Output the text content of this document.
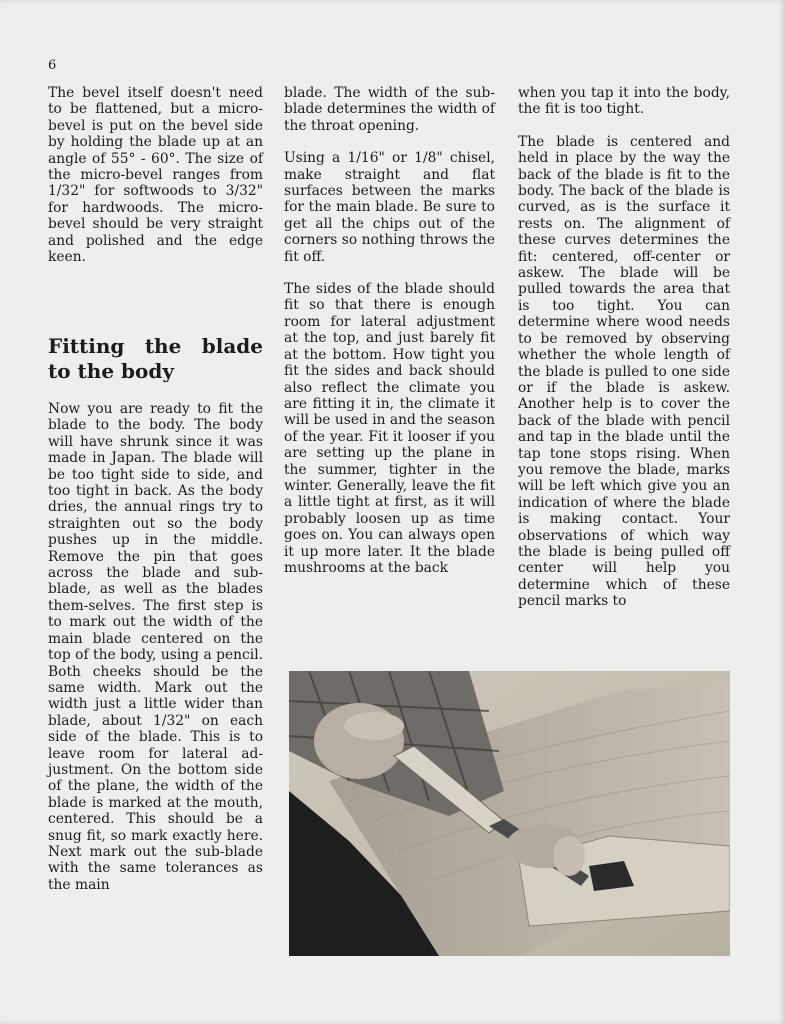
6

The bevel itself doesn't need to be flattened, but a micro-bevel is put on the bevel side by holding the blade up at an angle of 55° - 60°. The size of the micro-bevel ranges from 1/32" for softwoods to 3/32" for hardwoods. The micro-bevel should be very straight and polished and the edge keen.

Fitting the blade
to the body

Now you are ready to fit the blade to the body. The body will have shrunk since it was made in Japan. The blade will be too tight side to side, and too tight in back. As the body dries, the annual rings try to straighten out so the body pushes up in the middle. Remove the pin that goes across the blade and sub-blade, as well as the blades them-selves. The first step is to mark out the width of the main blade centered on the top of the body, using a pencil. Both cheeks should be the same width. Mark out the width just a little wider than blade, about 1/32" on each side of the blade. This is to leave room for lateral ad-justment. On the bottom side of the plane, the width of the blade is marked at the mouth, centered. This should be a snug fit, so mark exactly here. Next mark out the sub-blade with the same tolerances as the main

blade. The width of the sub-blade determines the width of the throat opening.

Using a 1/16" or 1/8" chisel, make straight and flat surfaces between the marks for the main blade. Be sure to get all the chips out of the corners so nothing throws the fit off.

The sides of the blade should fit so that there is enough room for lateral adjustment at the top, and just barely fit at the bottom. How tight you fit the sides and back should also reflect the climate you are fitting it in, the climate it will be used in and the season of the year. Fit it looser if you are setting up the plane in the summer, tighter in the winter. Generally, leave the fit a little tight at first, as it will probably loosen up as time goes on. You can always open it up more later. It the blade mushrooms at the back

when you tap it into the body, the fit is too tight.

The blade is centered and held in place by the way the back of the blade is fit to the body. The back of the blade is curved, as is the surface it rests on. The alignment of these curves determines the fit: centered, off-center or askew. The blade will be pulled towards the area that is too tight. You can determine where wood needs to be removed by observing whether the whole length of the blade is pulled to one side or if the blade is askew. Another help is to cover the back of the blade with pencil and tap in the blade until the tap tone stops rising. When you remove the blade, marks will be left which give you an indication of where the blade is making contact. Your observations of which way the blade is being pulled off center will help you determine which of these pencil marks to
